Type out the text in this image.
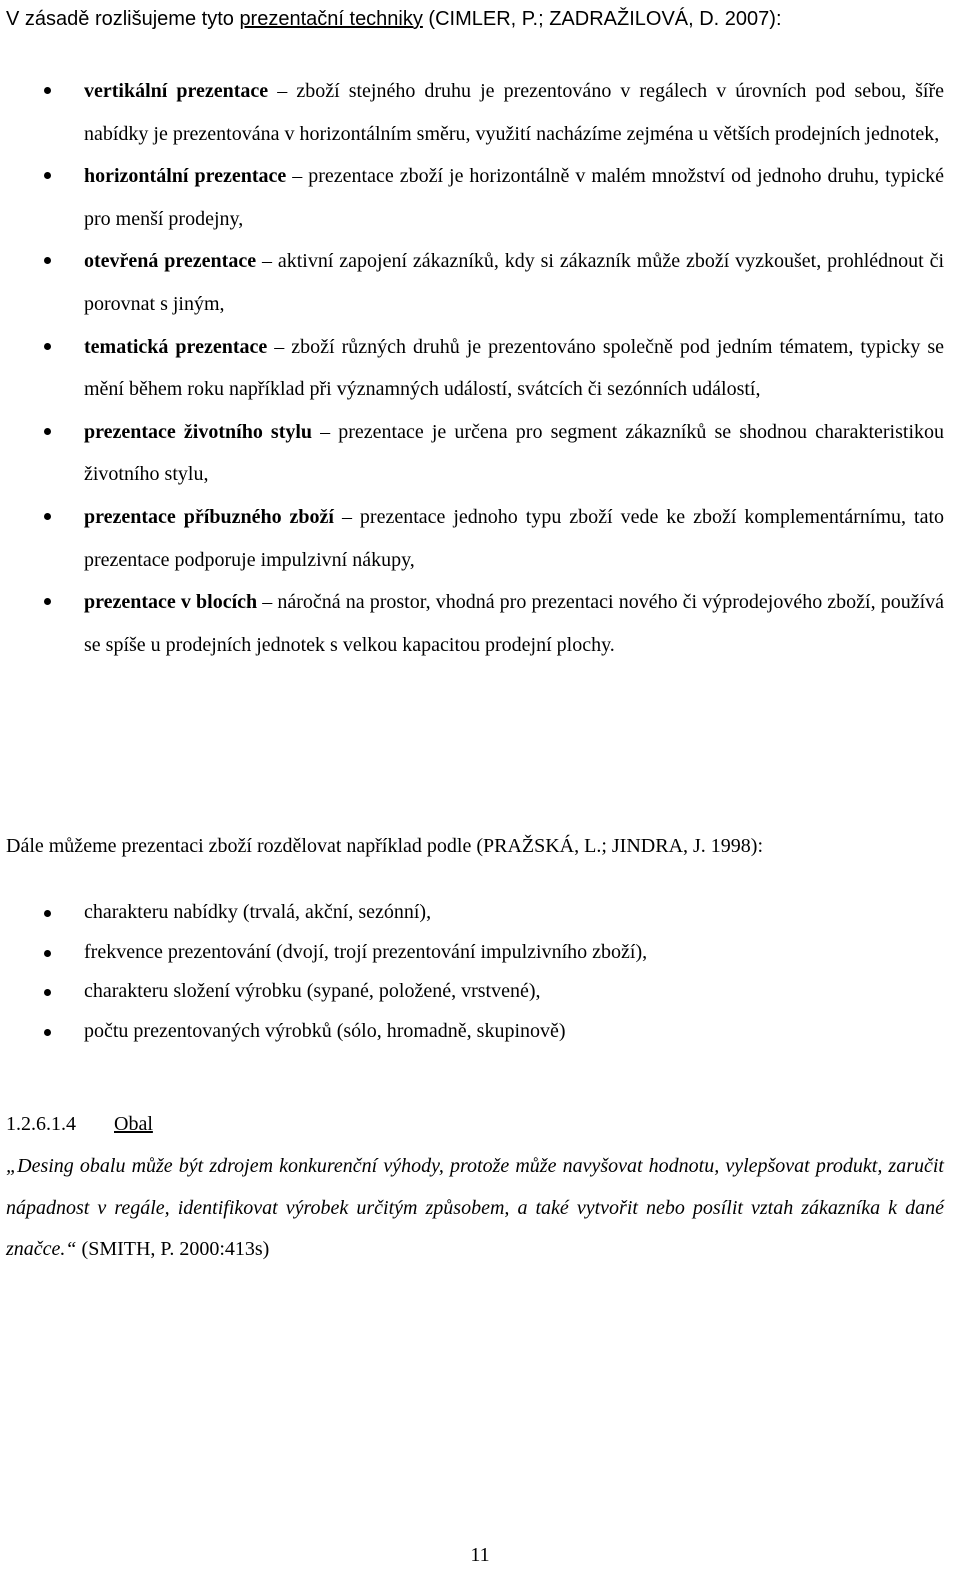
V zásadě rozlišujeme tyto prezentační techniky (CIMLER, P.; ZADRAŽILOVÁ, D. 2007):

vertikální prezentace – zboží stejného druhu je prezentováno v regálech v úrovních pod sebou, šíře nabídky je prezentována v horizontálním směru, využití nacházíme zejména u větších prodejních jednotek,
horizontální prezentace – prezentace zboží je horizontálně v malém množství od jednoho druhu, typické pro menší prodejny,
otevřená prezentace – aktivní zapojení zákazníků, kdy si zákazník může zboží vyzkoušet, prohlédnout či porovnat s jiným,
tematická prezentace – zboží různých druhů je prezentováno společně pod jedním tématem, typicky se mění během roku například při významných událostí, svátcích či sezónních událostí,
prezentace životního stylu – prezentace je určena pro segment zákazníků se shodnou charakteristikou životního stylu,
prezentace příbuzného zboží – prezentace jednoho typu zboží vede ke zboží komplementárnímu, tato prezentace podporuje impulzivní nákupy,
prezentace v blocích – náročná na prostor, vhodná pro prezentaci nového či výprodejového zboží, používá se spíše u prodejních jednotek s velkou kapacitou prodejní plochy.

Dále můžeme prezentaci zboží rozdělovat například podle (PRAŽSKÁ, L.; JINDRA, J. 1998):

charakteru nabídky (trvalá, akční, sezónní),
frekvence prezentování (dvojí, trojí prezentování impulzivního zboží),
charakteru složení výrobku (sypané, položené, vrstvené),
počtu prezentovaných výrobků (sólo, hromadně, skupinově)

1.2.6.1.4 Obal

„Desing obalu může být zdrojem konkurenční výhody, protože může navyšovat hodnotu, vylepšovat produkt, zaručit nápadnost v regále, identifikovat výrobek určitým způsobem, a také vytvořit nebo posílit vztah zákazníka k dané značce.“ (SMITH, P. 2000:413s)

11
